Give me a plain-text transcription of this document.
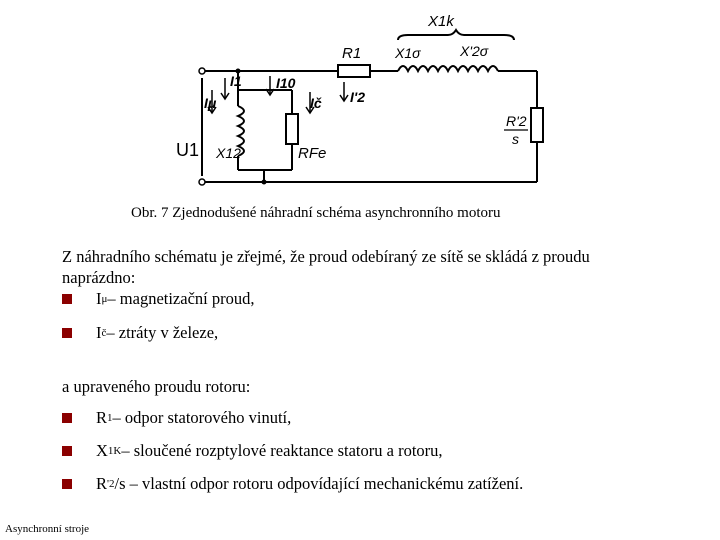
X1k
R1 X1σ	X'2σ
I1 I10
Iμ	Ič I'2
U1 X12	RFe
R'2
s
Obr. 7 Zjednodušené náhradní schéma asynchronního motoru
Z náhradního schématu je zřejmé, že proud odebíraný ze sítě se skládá z proudu naprázdno:
I μ – magnetizační proud,
I č – ztráty v železe,
a upraveného proudu rotoru:
R 1 – odpor statorového vinutí,
X 1K – sloučené rozptylové reaktance statoru a rotoru,
R ' 2 /s – vlastní odpor rotoru odpovídající mechanickému zatížení.
Asynchronní stroje
